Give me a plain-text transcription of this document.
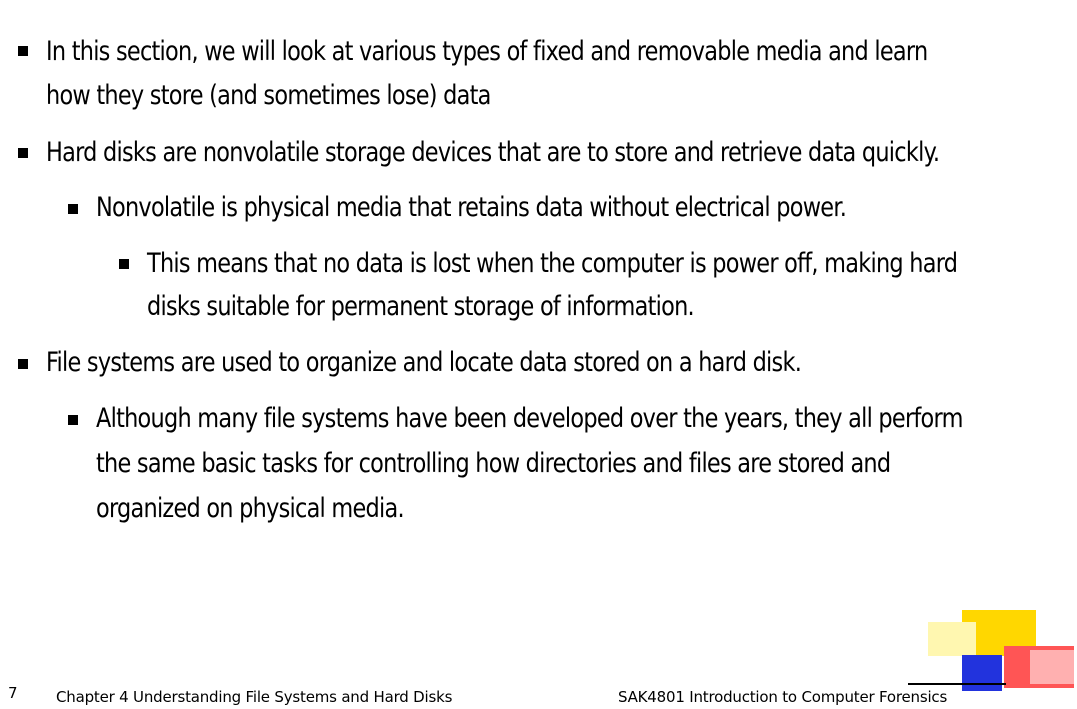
In this section, we will look at various types of fixed and removable media and learn
how they store (and sometimes lose) data
Hard disks are nonvolatile storage devices that are to store and retrieve data quickly.
Nonvolatile is physical media that retains data without electrical power.
This means that no data is lost when the computer is power off, making hard
disks suitable for permanent storage of information.
File systems are used to organize and locate data stored on a hard disk.
Although many file systems have been developed over the years, they all perform
the same basic tasks for controlling how directories and files are stored and
organized on physical media.
7	Chapter 4 Understanding File Systems and Hard Disks	SAK4801 Introduction to Computer Forensics
